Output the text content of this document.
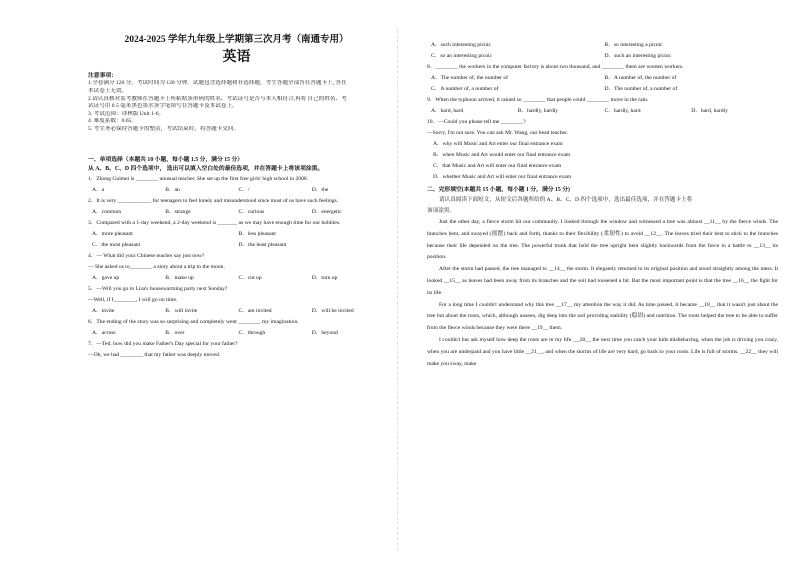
2024-2025 学年九年级上学期第三次月考（南通专用）

英语

注意事项：
1.全卷满分 120 分。考试时间为 120 分钟。试题包含选择题和非选择题。考生答题全部答在答题卡上, 答在
本试卷上无效。
2.请认真核对监考教师在答题卡上所粘贴条形码的姓名、考试证号是否与本人相符合,再将 自己的姓名、考
试证号用 0.5 毫米黑色墨水签字笔填写在答题卡及本试卷上。
3. 考试范围：译林版 Unit 1-6。
4. 难度系数：0.65。
5. 考生务必保持答题卡的整洁，考试结束时，将答题卡交回。
一、单项选择（本题共 10 小题，每小题 1.5 分，满分 15 分）
从 A、B、C、D 四个选项中， 选出可以填入空白处的最佳选项，并在答题卡上将该项涂黑。
1．Zhong Guimei is ________ unusual teacher. She set up the first free girls' high school in 2008.
A．a	B．an	C．/	D．the
2．It is very ____________ for teenagers to feel lonely and misunderstood since most of us have such feelings.
A．common	B．strange	C．curious	D．energetic
3．Compared with a 1-day weekend, a 2-day weekend is _______ as we may have enough time for our hobbies.
A．more pleasant	B．less pleasant
C．the most pleasant	D．the least pleasant
4．— What did your Chinese teacher say just now?
— She asked us to________ a story about a trip to the moon.
A．gave up	B．make up	C．cut up	D．turn up
5．—Will you go to Lisa's housewarming party next Sunday?
—Well, if I________, I will go on time.
A．invite	B．will invite	C．am invited	D．will be invited
6．The ending of the story was so surprising and completely went ________ my imagination.
A．across	B．over	C．through	D．beyond
7．—Ted, how did you make Father's Day special for your father?
—Oh, we had ________ that my father was deeply moved.
A．such interesting picnic	B．so interesting a picnic
C．so an interesting picnic	D．such an interesting picnic
8．________ the workers in the computer factory is about two thousand, and ________ them are women workers.
A．The number of, the number of	B．A number of, the number of
C．A number of, a number of	D．The number of, a number of
9．When the typhoon arrived, it rained so ________ that people could ________ move in the rain.
A．hard, hard	B．hardly, hardly	C．hardly, hard	D．hard, hardly
10．—Could you please tell me ________?
—Sorry, I'm not sure. You can ask Mr. Wang, our head teacher.
A．why will Music and Art enter our final entrance exam
B．when Music and Art would enter our final entrance exam
C．that Music and Art will enter our final entrance exam
D．whether Music and Art will enter our final entrance exam
二、完形填空(本题共 15 小题，每小题 1 分，满分 15 分)
请认真阅读下面短文，从短文后各题所给的 A、B、C、D 四个选项中，选出最佳选项，并在答题卡上将
该项涂黑。

Just the other day, a fierce storm hit our community. I looked through the window and witnessed a tree was almost __11__ by the fierce winds. The branches bent, and swayed (摇摆) back and forth, thanks to their flexibility (柔韧性) to avoid __12__. The leaves tried their best to stick to the branches because their life depended on the tree. The powerful trunk that held the tree upright bent slightly backwards from the force in a battle to __13__ its position.

After the storm had passed, the tree managed to __14__ the storm. It elegantly returned to its original position and stood straightly among the mess. It looked __15__ as leaves had been away from its branches and the soil had loosened a bit. But the most important point is that the tree __16__ the fight for its life.

For a long time I couldn't understand why this tree __17__ my attention the way it did. As time passed, it became __18__ that it wasn't just about the tree but about the roots, which, although unseen, dig deep into the soil providing stability (稳固) and nutrition. The roots helped the tree to be able to suffer from the fierce winds because they were there __19__ them.

I couldn't but ask myself how deep the roots are in my life. __20__ the next time you catch your kids misbehaving, when the job is driving you crazy, when you are underpaid and you have little __21__, and when the storms of life are very hard, go back to your roots. Life is full of storms. __22__ they will make you sway, make
